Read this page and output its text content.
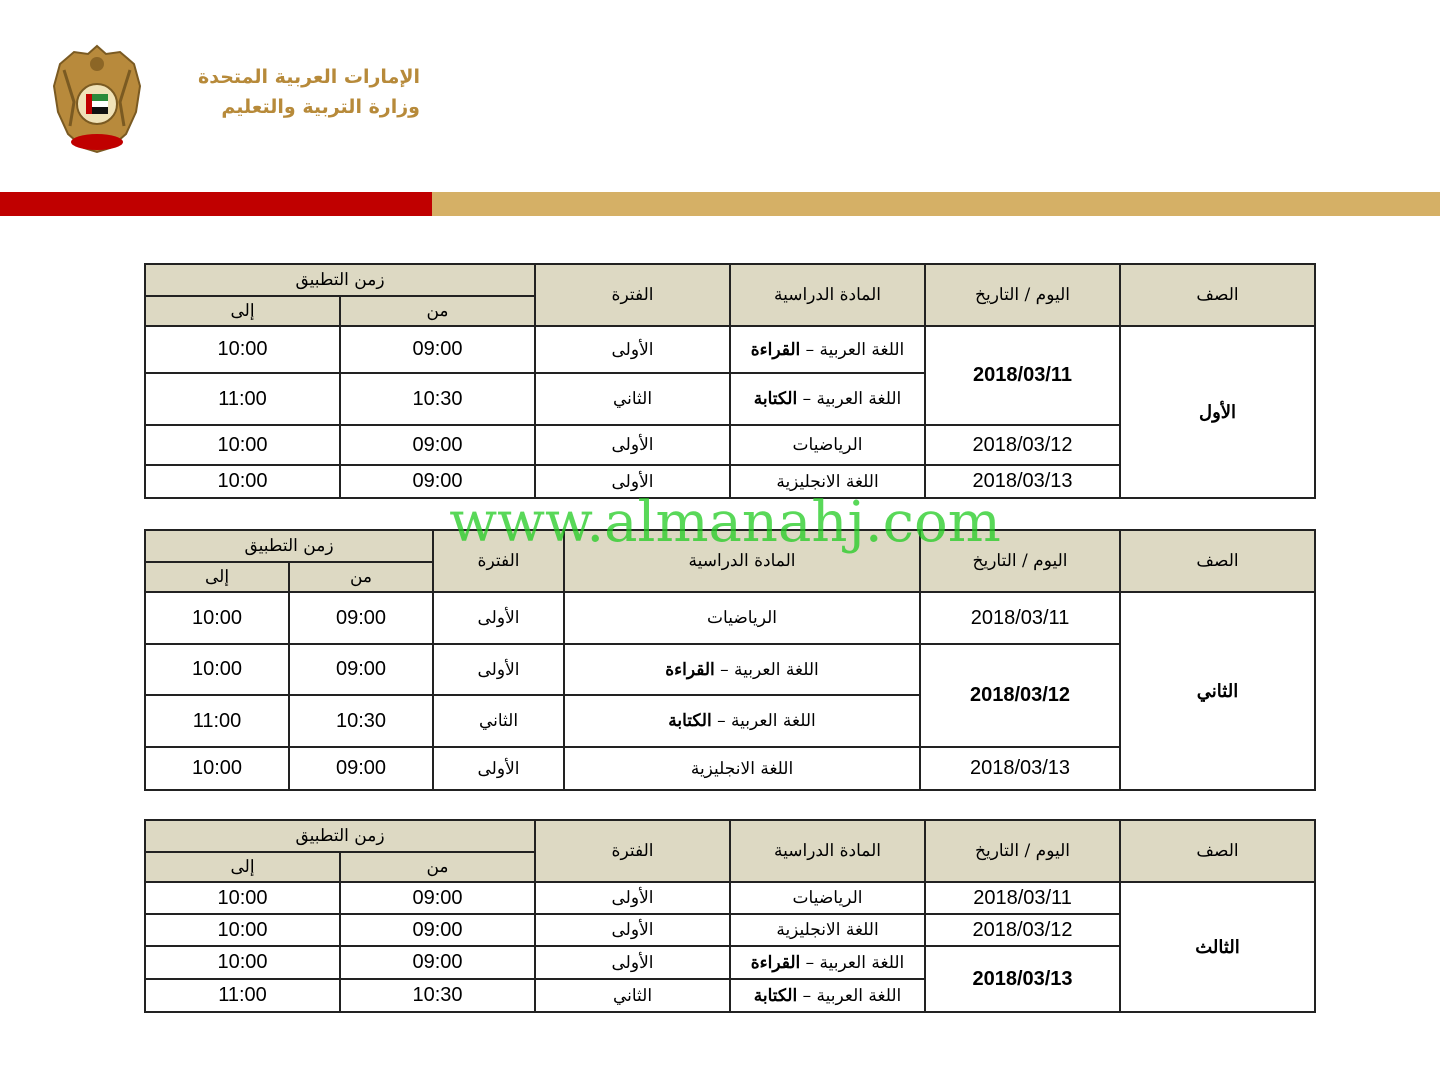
الإمارات العربية المتحدة
وزارة التربية والتعليم
الصف	اليوم / التاريخ	المادة الدراسية	الفترة	زمن التطبيق	
				من	إلى
الأول	2018/03/11	اللغة العربية – القراءة	الأولى	09:00	10:00
		اللغة العربية – الكتابة	الثاني	10:30	11:00
	2018/03/12	الرياضيات	الأولى	09:00	10:00
	2018/03/13	اللغة الانجليزية	الأولى	09:00	10:00
الصف	اليوم / التاريخ	المادة الدراسية	الفترة	زمن التطبيق	
				من	إلى
الثاني	2018/03/11	الرياضيات	الأولى	09:00	10:00
	2018/03/12	اللغة العربية – القراءة	الأولى	09:00	10:00
		اللغة العربية – الكتابة	الثاني	10:30	11:00
	2018/03/13	اللغة الانجليزية	الأولى	09:00	10:00
الصف	اليوم / التاريخ	المادة الدراسية	الفترة	زمن التطبيق	
				من	إلى
الثالث	2018/03/11	الرياضيات	الأولى	09:00	10:00
	2018/03/12	اللغة الانجليزية	الأولى	09:00	10:00
	2018/03/13	اللغة العربية – القراءة	الأولى	09:00	10:00
		اللغة العربية – الكتابة	الثاني	10:30	11:00
www.almanahj.com
